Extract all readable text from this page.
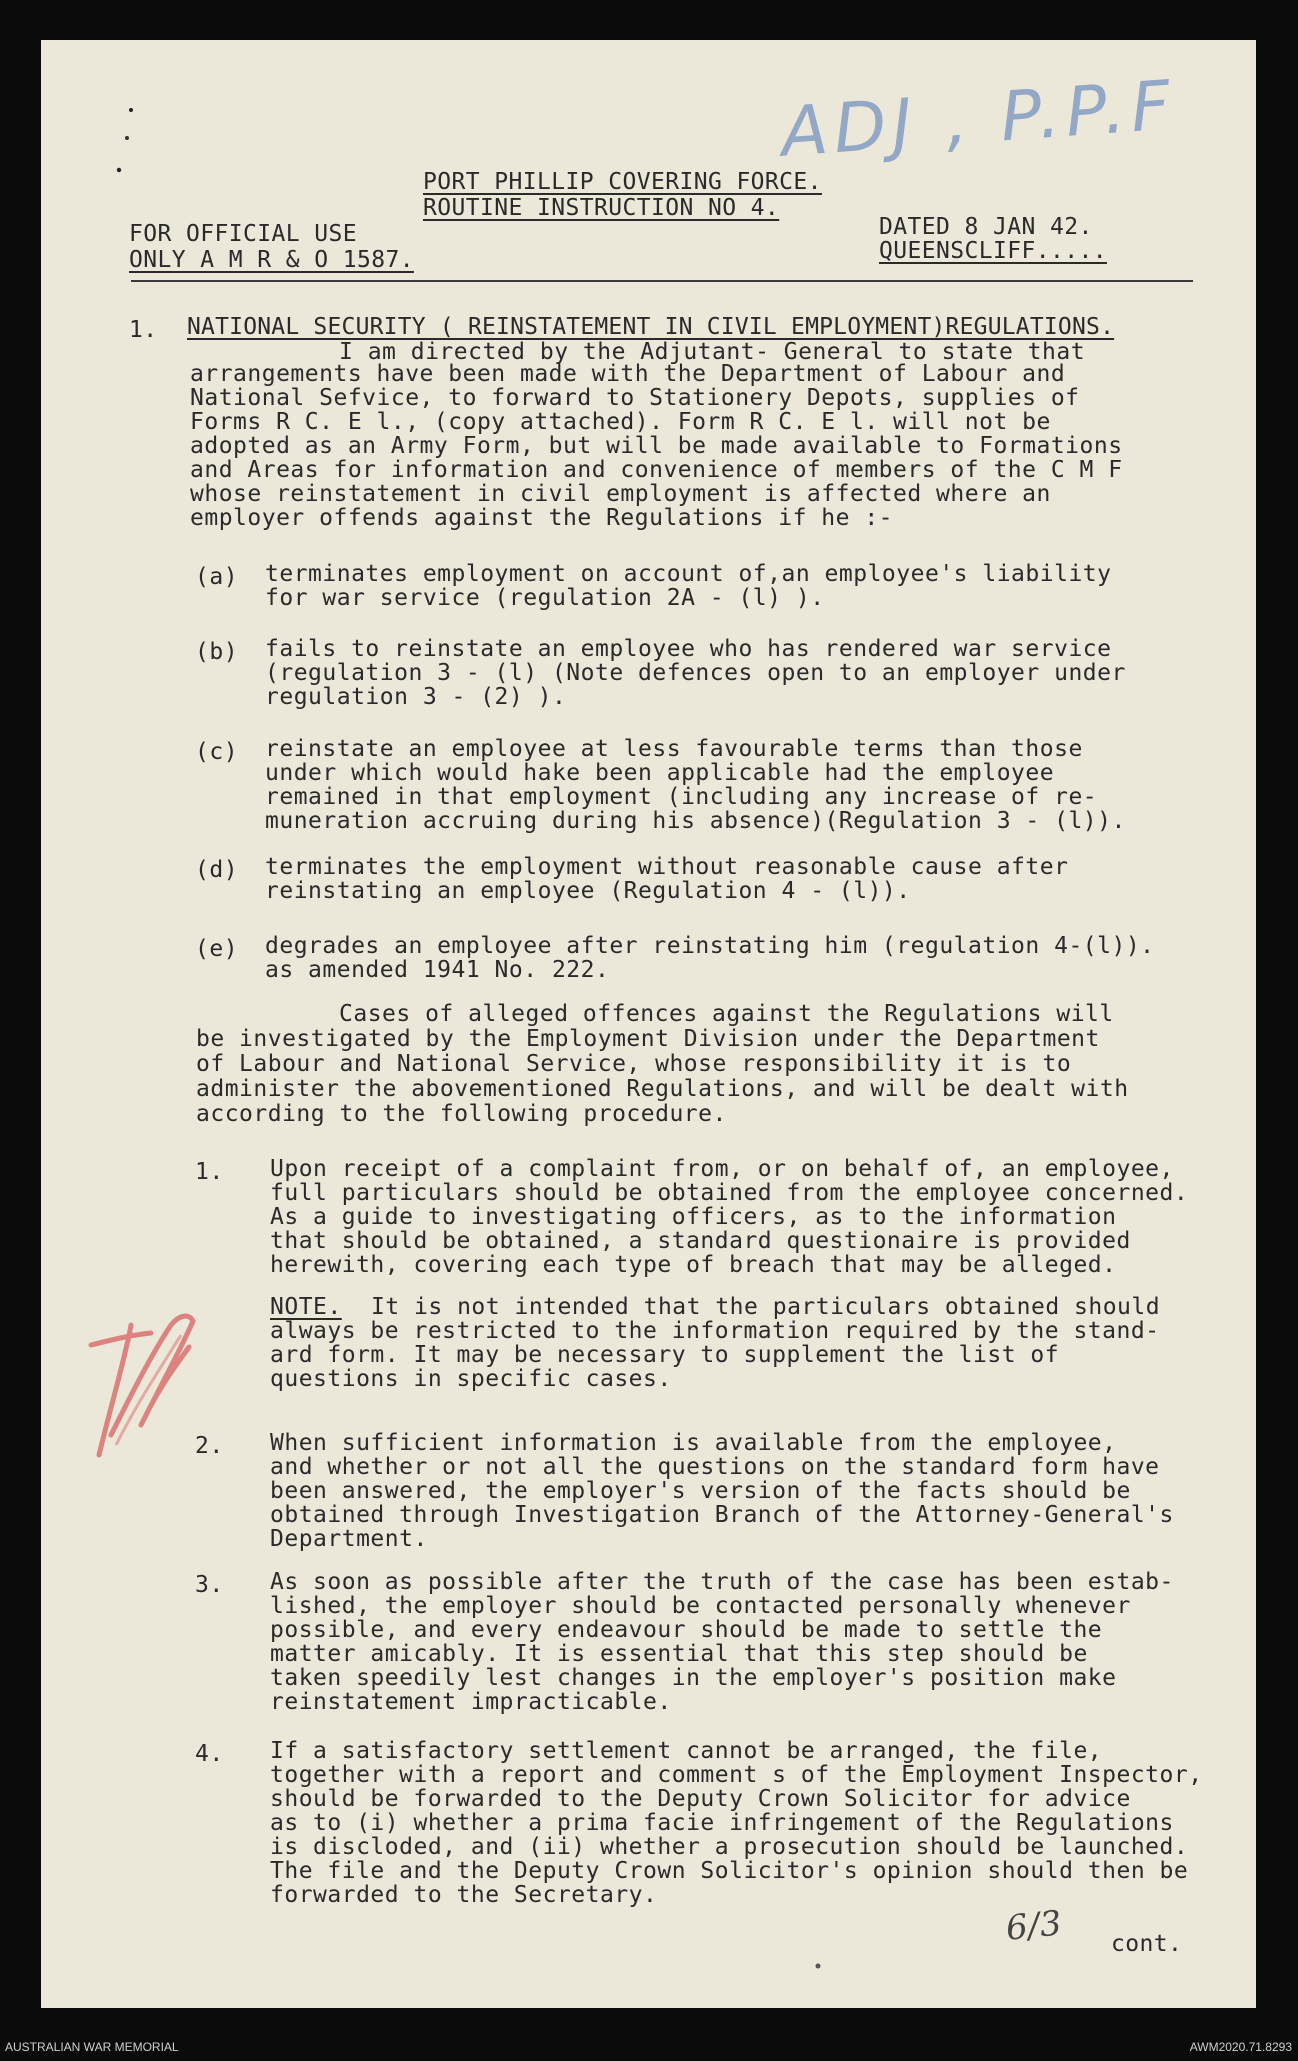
ADJ , P.P.F
PORT PHILLIP COVERING FORCE.
ROUTINE INSTRUCTION NO 4.
FOR OFFICIAL USE
ONLY A M R & O 1587.
DATED 8 JAN 42.
QUEENSCLIFF.....
1. NATIONAL SECURITY ( REINSTATEMENT IN CIVIL EMPLOYMENT)REGULATIONS.
I am directed by the Adjutant- General to state that
arrangements have been made with the Department of Labour and
National Sefvice, to forward to Stationery Depots, supplies of
Forms R C. E l., (copy attached). Form R C. E l. will not be
adopted as an Army Form, but will be made available to Formations
and Areas for information and convenience of members of the C M F
whose reinstatement in civil employment is affected where an
employer offends against the Regulations if he :-
(a) terminates employment on account of,an employee's liability
for war service (regulation 2A - (l) ).
(b) fails to reinstate an employee who has rendered war service
(regulation 3 - (l) (Note defences open to an employer under
regulation 3 - (2) ).
(c) reinstate an employee at less favourable terms than those
under which would hake been applicable had the employee
remained in that employment (including any increase of re-
muneration accruing during his absence)(Regulation 3 - (l)).
(d) terminates the employment without reasonable cause after
reinstating an employee (Regulation 4 - (l)).
(e) degrades an employee after reinstating him (regulation 4-(l)).
as amended 1941 No. 222.
Cases of alleged offences against the Regulations will
be investigated by the Employment Division under the Department
of Labour and National Service, whose responsibility it is to
administer the abovementioned Regulations, and will be dealt with
according to the following procedure.
1. Upon receipt of a complaint from, or on behalf of, an employee,
full particulars should be obtained from the employee concerned.
As a guide to investigating officers, as to the information
that should be obtained, a standard questionaire is provided
herewith, covering each type of breach that may be alleged.
It is not intended that the particulars obtained should
always be restricted to the information required by the stand-
ard form. It may be necessary to supplement the list of
questions in specific cases.
NOTE.
2. When sufficient information is available from the employee,
and whether or not all the questions on the standard form have
been answered, the employer's version of the facts should be
obtained through Investigation Branch of the Attorney-General's
Department.
3. As soon as possible after the truth of the case has been estab-
lished, the employer should be contacted personally whenever
possible, and every endeavour should be made to settle the
matter amicably. It is essential that this step should be
taken speedily lest changes in the employer's position make
reinstatement impracticable.
4. If a satisfactory settlement cannot be arranged, the file,
together with a report and comment s of the Employment Inspector,
should be forwarded to the Deputy Crown Solicitor for advice
as to (i) whether a prima facie infringement of the Regulations
is discloded, and (ii) whether a prosecution should be launched.
The file and the Deputy Crown Solicitor's opinion should then be
forwarded to the Secretary.
6/3 cont.
AUSTRALIAN WAR MEMORIAL	AWM2020.71.8293
